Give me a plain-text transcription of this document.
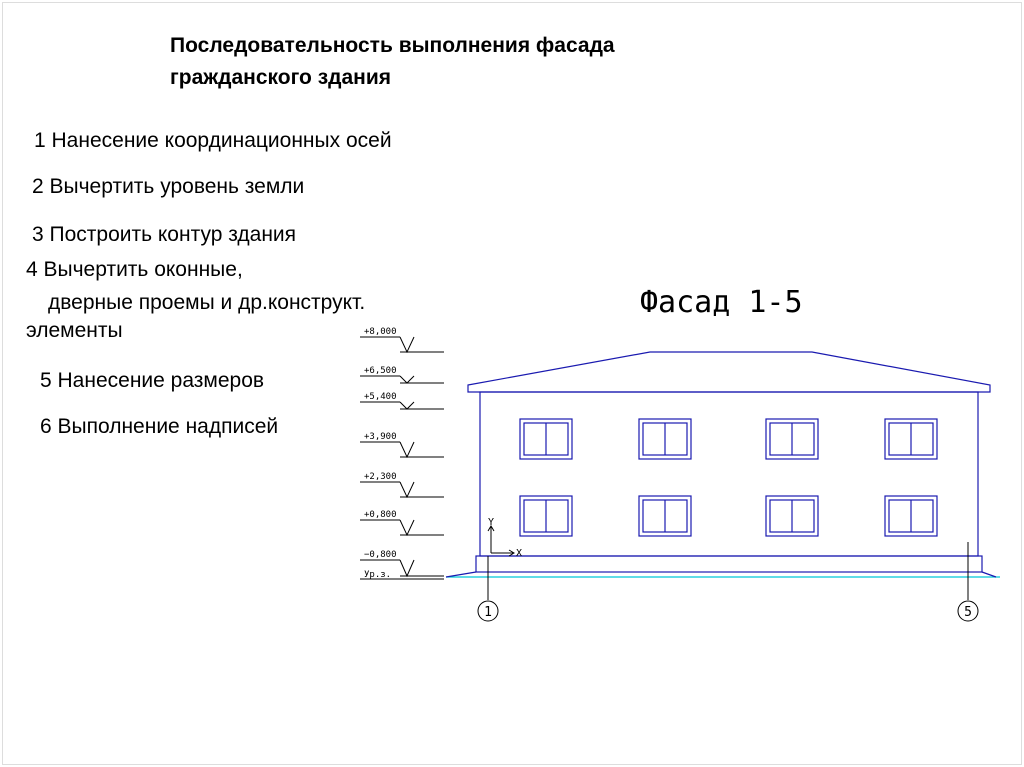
Последовательность выполнения фасада
гражданского здания
1 Нанесение координационных осей
2 Вычертить уровень земли
3 Построить контур здания
4 Вычертить оконные,
дверные проемы и др.конструкт.
элементы
5 Нанесение размеров
6 Выполнение надписей
Фасад 1-5
+8,000
+6,500
+5,400
+3,900
+2,300
+0,800
−0,800
Ур.з.
1	5
Y
X
